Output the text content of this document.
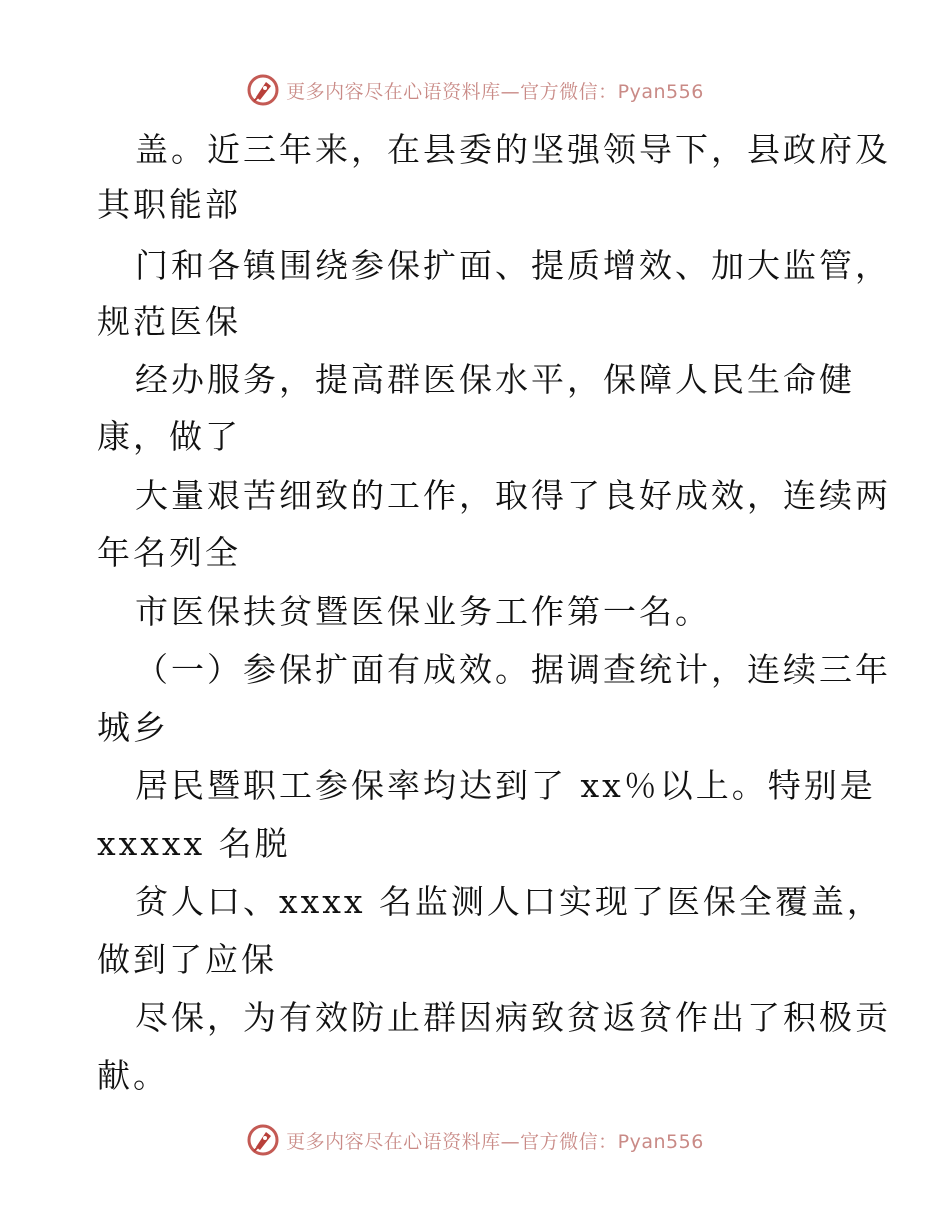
更多内容尽在心语资料库—官方微信：Pyan556
盖。近三年来，在县委的坚强领导下，县政府及
其职能部
门和各镇围绕参保扩面、提质增效、加大监管，
规范医保
经办服务，提高群医保水平，保障人民生命健
康，做了
大量艰苦细致的工作，取得了良好成效，连续两
年名列全
市医保扶贫暨医保业务工作第一名。
（一）参保扩面有成效。据调查统计，连续三年
城乡
居民暨职工参保率均达到了 xx％以上。特别是
xxxxx 名脱
贫人口、xxxx 名监测人口实现了医保全覆盖，
做到了应保
尽保，为有效防止群因病致贫返贫作出了积极贡
献。
更多内容尽在心语资料库—官方微信：Pyan556
